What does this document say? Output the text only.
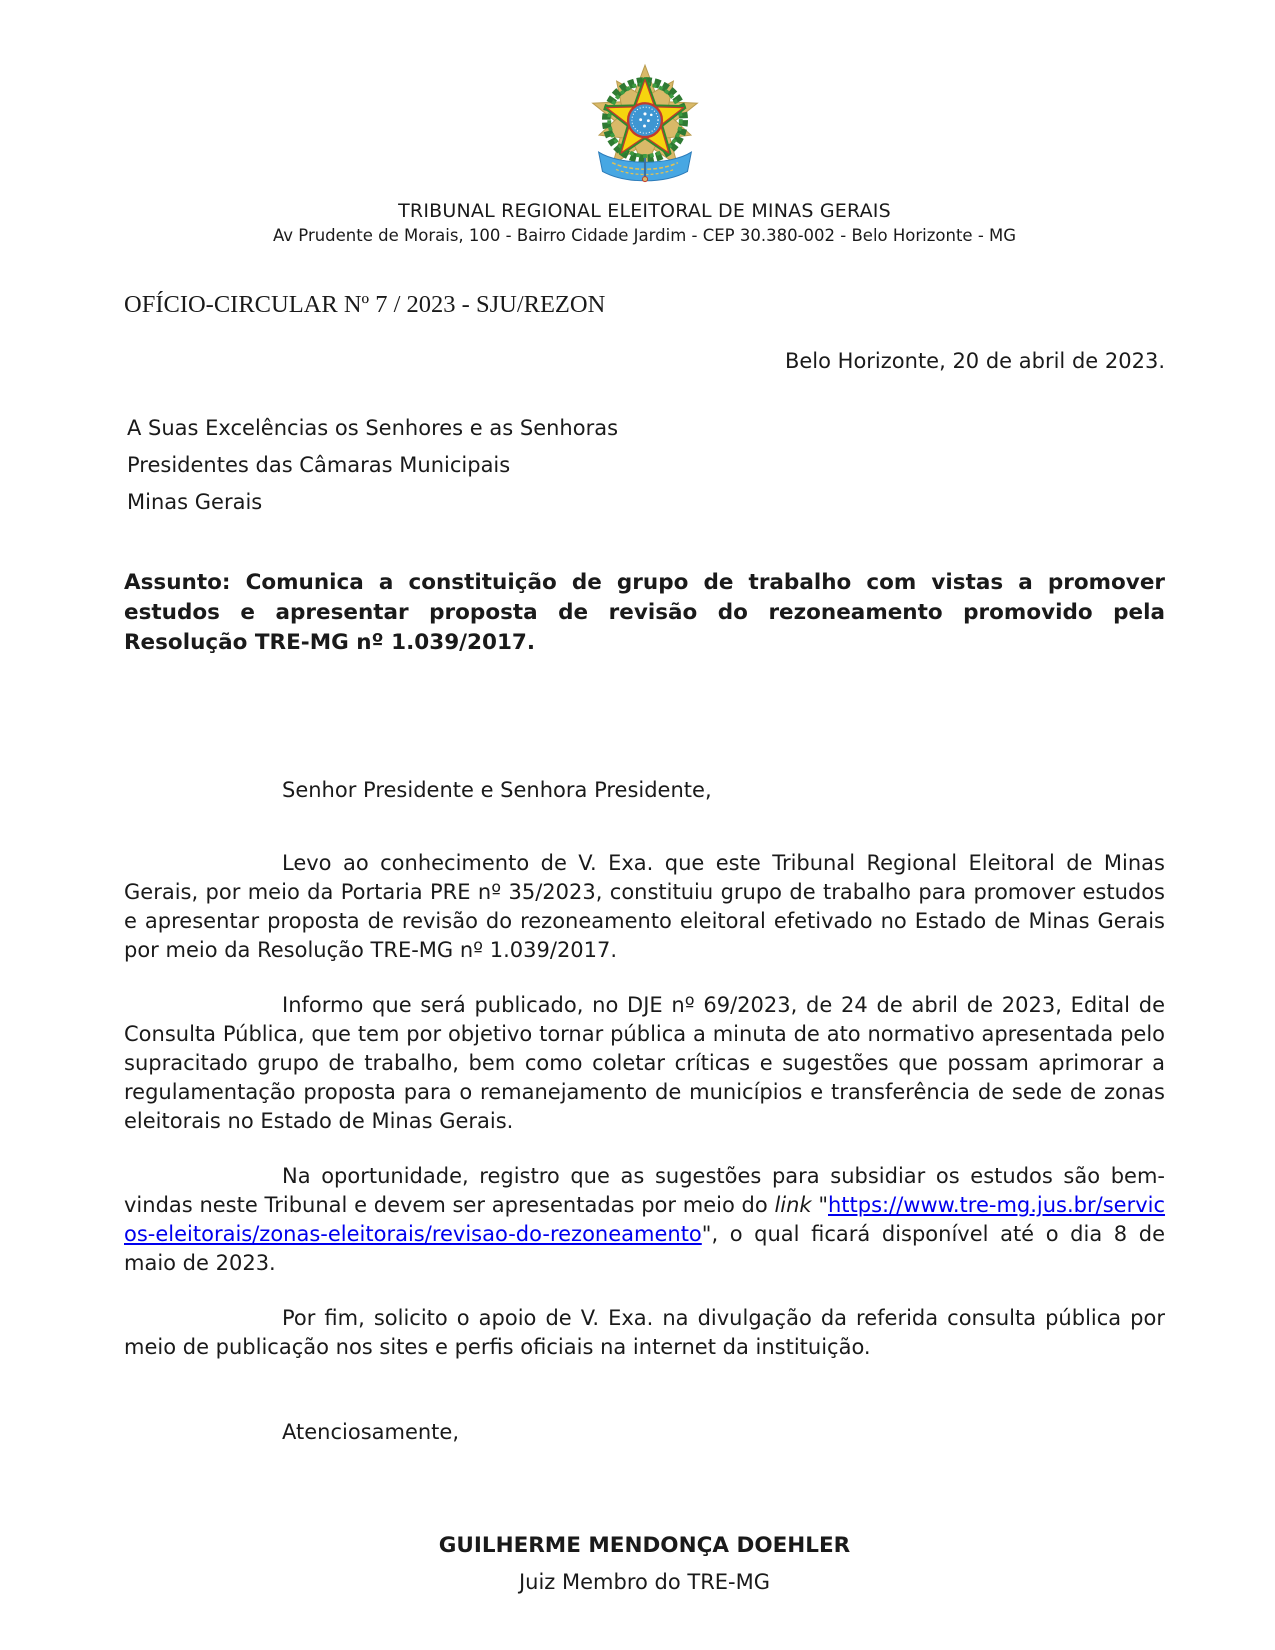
TRIBUNAL REGIONAL ELEITORAL DE MINAS GERAIS
Av Prudente de Morais, 100 - Bairro Cidade Jardim - CEP 30.380-002 - Belo Horizonte - MG
OFÍCIO-CIRCULAR Nº 7 / 2023 - SJU/REZON
Belo Horizonte, 20 de abril de 2023.

A Suas Excelências os Senhores e as Senhoras

Presidentes das Câmaras Municipais

Minas Gerais

Assunto: Comunica a constituição de grupo de trabalho com vistas a promover estudos e apresentar proposta de revisão do rezoneamento promovido pela Resolução TRE-MG nº 1.039/2017.

Senhor Presidente e Senhora Presidente,

Levo ao conhecimento de V. Exa. que este Tribunal Regional Eleitoral de Minas Gerais, por meio da Portaria PRE nº 35/2023, constituiu grupo de trabalho para promover estudos e apresentar proposta de revisão do rezoneamento eleitoral efetivado no Estado de Minas Gerais por meio da Resolução TRE-MG nº 1.039/2017.

Informo que será publicado, no DJE nº 69/2023, de 24 de abril de 2023, Edital de Consulta Pública, que tem por objetivo tornar pública a minuta de ato normativo apresentada pelo supracitado grupo de trabalho, bem como coletar críticas e sugestões que possam aprimorar a regulamentação proposta para o remanejamento de municípios e transferência de sede de zonas eleitorais no Estado de Minas Gerais.

Na oportunidade, registro que as sugestões para subsidiar os estudos são bem-vindas neste Tribunal e devem ser apresentadas por meio do link "https://www.tre-mg.jus.br/servicos-eleitorais/zonas-eleitorais/revisao-do-rezoneamento", o qual ficará disponível até o dia 8 de maio de 2023.

Por fim, solicito o apoio de V. Exa. na divulgação da referida consulta pública por meio de publicação nos sites e perfis oficiais na internet da instituição.

Atenciosamente,

GUILHERME MENDONÇA DOEHLER
Juiz Membro do TRE-MG
